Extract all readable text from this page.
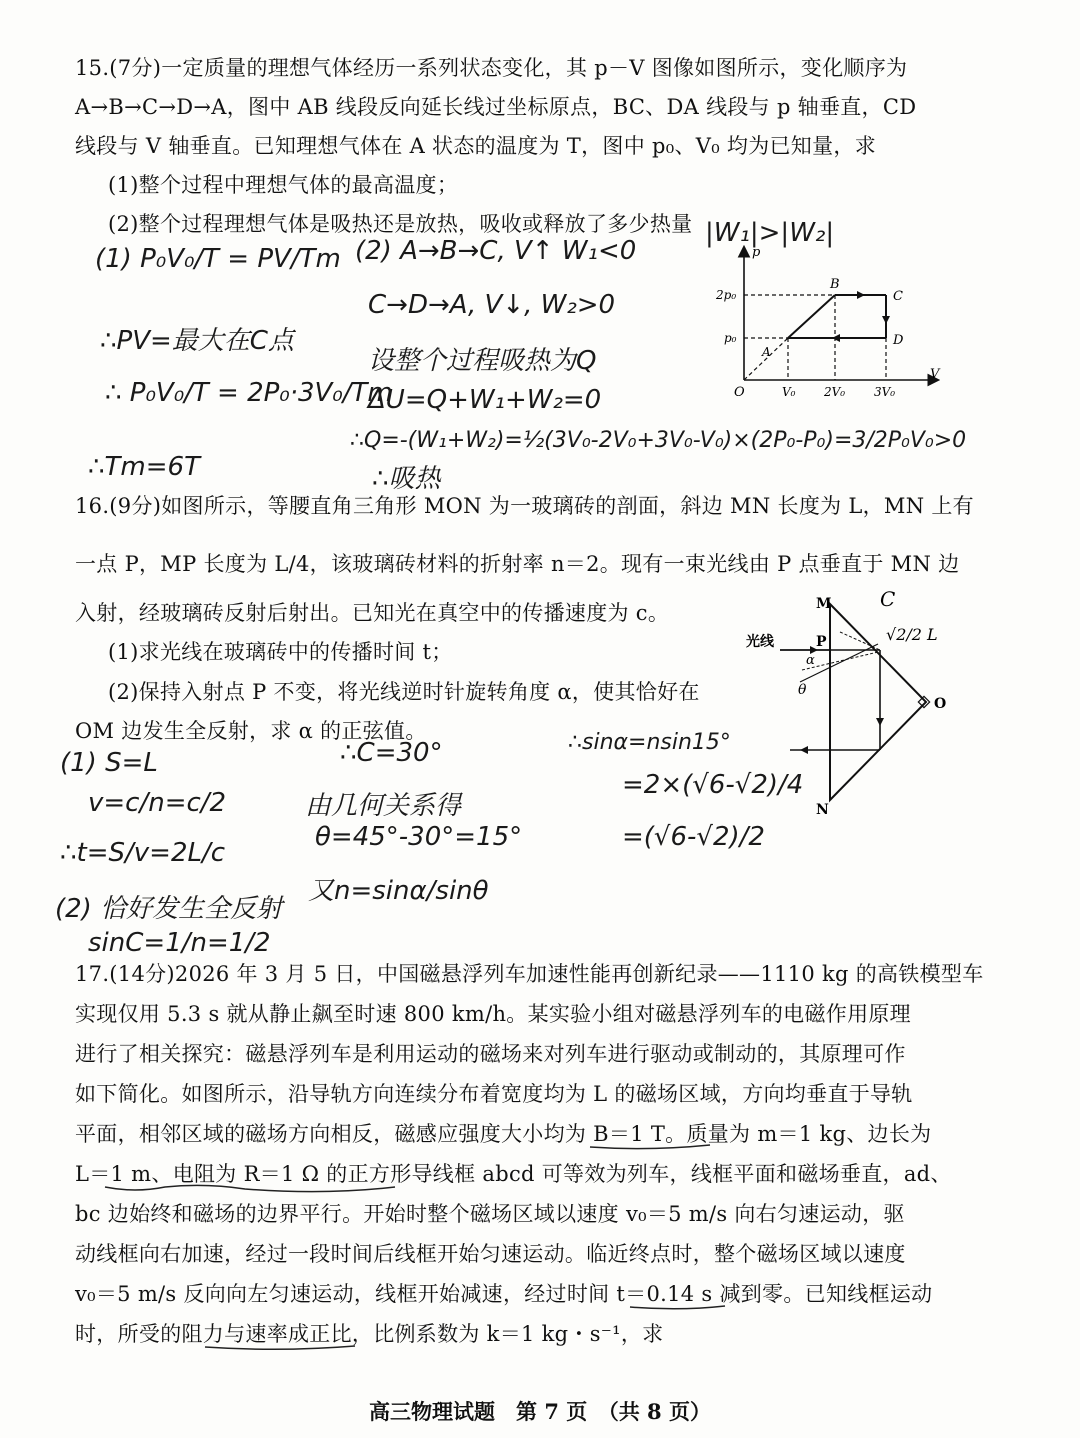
15.(7分)一定质量的理想气体经历一系列状态变化，其 p－V 图像如图所示，变化顺序为
A→B→C→D→A，图中 AB 线段反向延长线过坐标原点，BC、DA 线段与 p 轴垂直，CD
线段与 V 轴垂直。已知理想气体在 A 状态的温度为 T，图中 p₀、V₀ 均为已知量，求
(1)整个过程中理想气体的最高温度；
(2)整个过程理想气体是吸热还是放热，吸收或释放了多少热量
(1) P₀V₀/T = PV/Tm
∴PV=最大在C点
∴ P₀V₀/T = 2P₀·3V₀/Tm
∴Tm=6T
(2) A→B→C, V↑ W₁<0
|W₁|>|W₂|
C→D→A, V↓, W₂>0
设整个过程吸热为Q
ΔU=Q+W₁+W₂=0
∴Q=-(W₁+W₂)=½(3V₀-2V₀+3V₀-V₀)×(2P₀-P₀)=3/2P₀V₀>0
∴吸热
p
V
O
A
B
C
D
2p₀
p₀
V₀ 2V₀ 3V₀
16.(9分)如图所示，等腰直角三角形 MON 为一玻璃砖的剖面，斜边 MN 长度为 L，MN 上有
一点 P，MP 长度为 L/4，该玻璃砖材料的折射率 n＝2。现有一束光线由 P 点垂直于 MN 边
入射，经玻璃砖反射后射出。已知光在真空中的传播速度为 c。
(1)求光线在玻璃砖中的传播时间 t；
(2)保持入射点 P 不变，将光线逆时针旋转角度 α，使其恰好在
OM 边发生全反射，求 α 的正弦值。
(1) S=L
v=c/n=c/2
∴t=S/v=2L/c
(2) 恰好发生全反射
sinC=1/n=1/2
∴C=30°
由几何关系得
θ=45°-30°=15°
又n=sinα/sinθ
∴sinα=nsin15°
=2×(√6-√2)/4
=(√6-√2)/2
M
N
O
P
光线
α
θ
C
√2/2 L
17.(14分)2026 年 3 月 5 日，中国磁悬浮列车加速性能再创新纪录——1110 kg 的高铁模型车
实现仅用 5.3 s 就从静止飙至时速 800 km/h。某实验小组对磁悬浮列车的电磁作用原理
进行了相关探究：磁悬浮列车是利用运动的磁场来对列车进行驱动或制动的，其原理可作
如下简化。如图所示，沿导轨方向连续分布着宽度均为 L 的磁场区域，方向均垂直于导轨
平面，相邻区域的磁场方向相反，磁感应强度大小均为 B＝1 T。质量为 m＝1 kg、边长为
L＝1 m、电阻为 R＝1 Ω 的正方形导线框 abcd 可等效为列车，线框平面和磁场垂直，ad、
bc 边始终和磁场的边界平行。开始时整个磁场区域以速度 v₀＝5 m/s 向右匀速运动，驱
动线框向右加速，经过一段时间后线框开始匀速运动。临近终点时，整个磁场区域以速度
v₀＝5 m/s 反向向左匀速运动，线框开始减速，经过时间 t＝0.14 s 减到零。已知线框运动
时，所受的阻力与速率成正比，比例系数为 k＝1 kg・s⁻¹，求
高三物理试题　第 7 页　（共 8 页）
